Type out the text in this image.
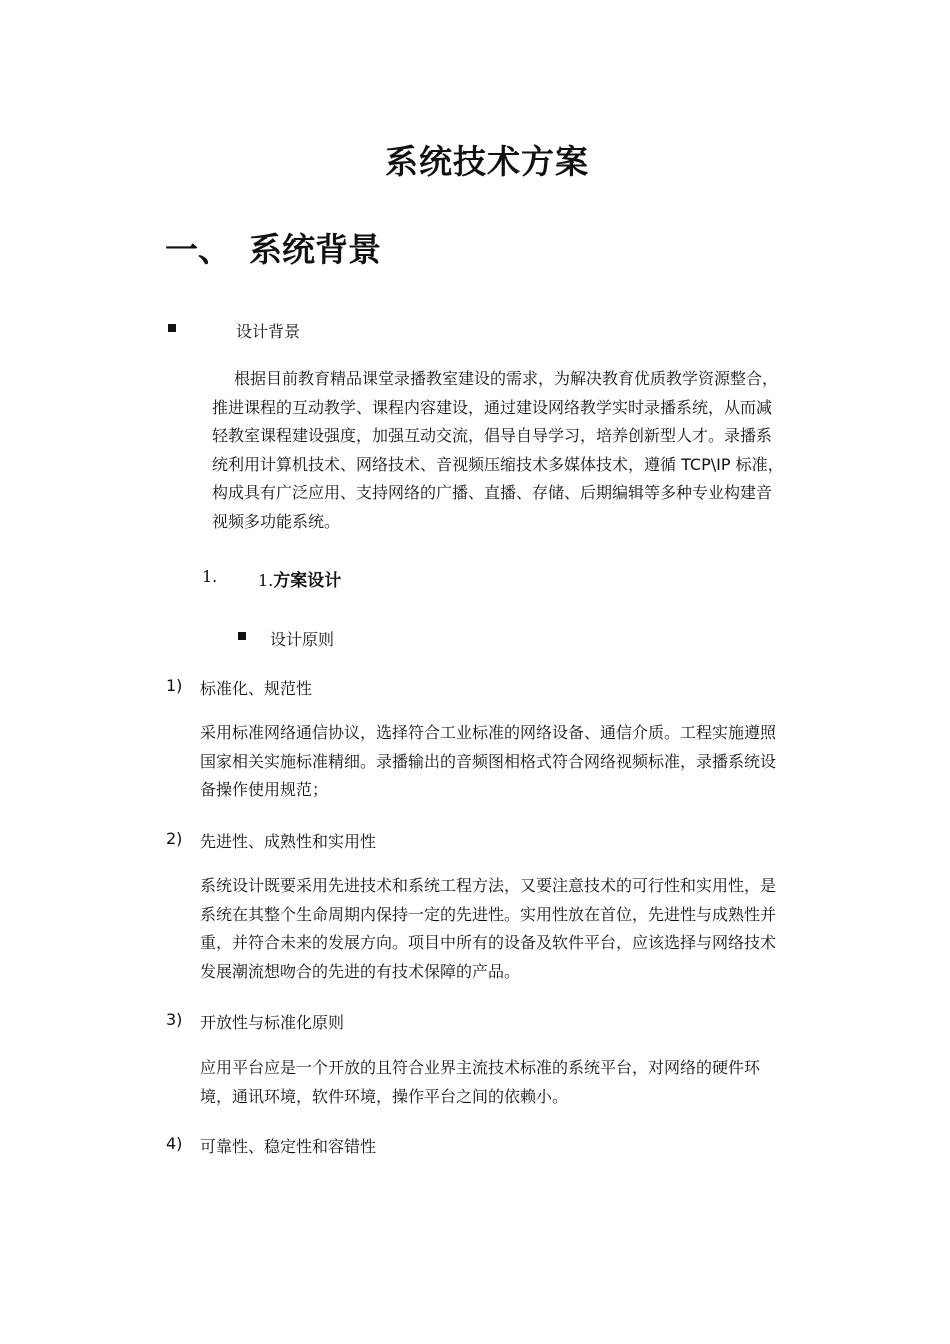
系统技术方案
一、 系统背景
设计背景
根据目前教育精品课堂录播教室建设的需求，为解决教育优质教学资源整合，
推进课程的互动教学、课程内容建设，通过建设网络教学实时录播系统，从而减
轻教室课程建设强度，加强互动交流，倡导自导学习，培养创新型人才。录播系
统利用计算机技术、网络技术、音视频压缩技术多媒体技术，遵循 TCP\IP 标准，
构成具有广泛应用、支持网络的广播、直播、存储、后期编辑等多种专业构建音
视频多功能系统。
1.	1.方案设计
设计原则
1) 标准化、规范性
采用标准网络通信协议，选择符合工业标准的网络设备、通信介质。工程实施遵照
国家相关实施标准精细。录播输出的音频图相格式符合网络视频标准，录播系统设
备操作使用规范；
2) 先进性、成熟性和实用性
系统设计既要采用先进技术和系统工程方法，又要注意技术的可行性和实用性，是
系统在其整个生命周期内保持一定的先进性。实用性放在首位，先进性与成熟性并
重，并符合未来的发展方向。项目中所有的设备及软件平台，应该选择与网络技术
发展潮流想吻合的先进的有技术保障的产品。
3) 开放性与标准化原则
应用平台应是一个开放的且符合业界主流技术标准的系统平台，对网络的硬件环
境，通讯环境，软件环境，操作平台之间的依赖小。
4) 可靠性、稳定性和容错性
